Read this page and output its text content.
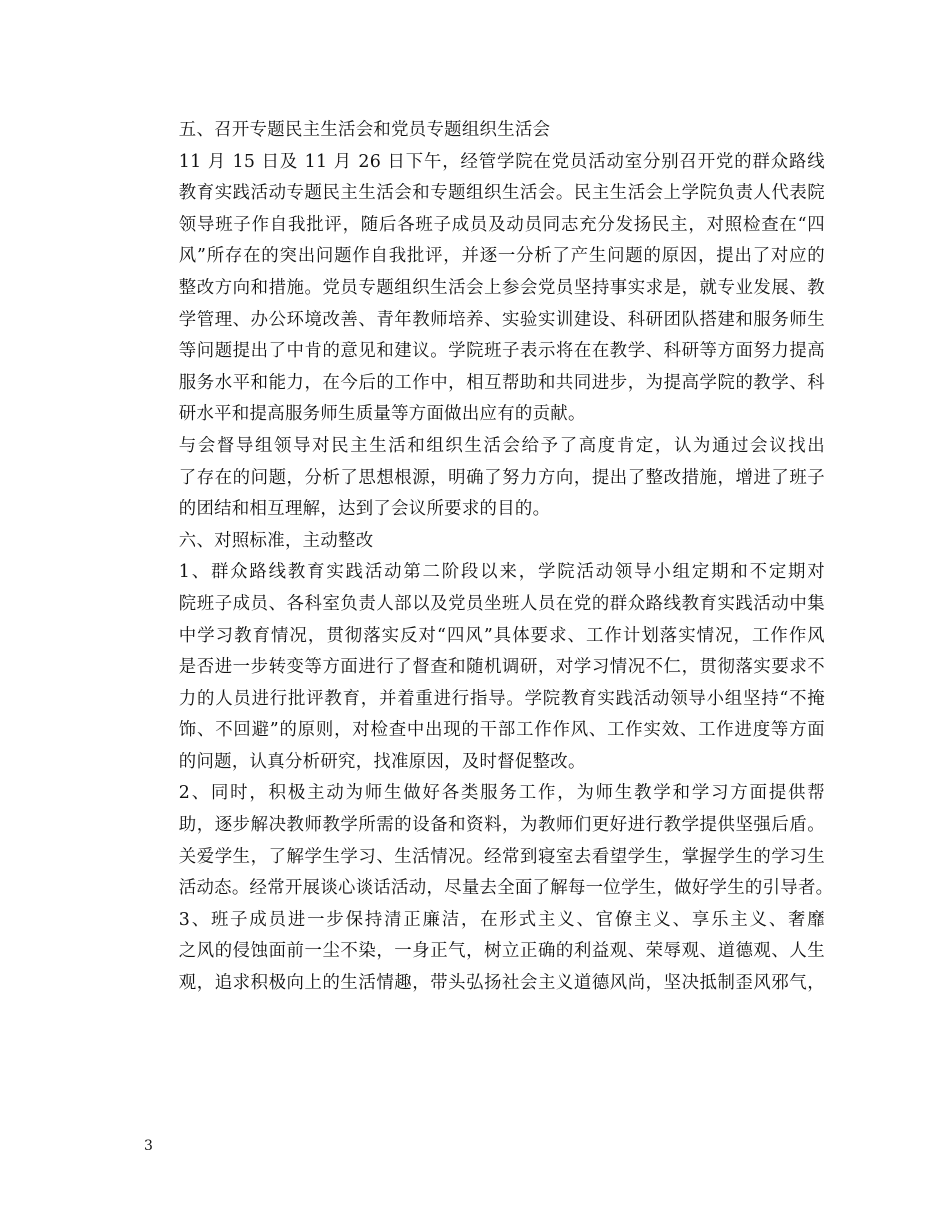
五、召开专题民主生活会和党员专题组织生活会
11 月 15 日及 11 月 26 日下午，经管学院在党员活动室分别召开党的群众路线
教育实践活动专题民主生活会和专题组织生活会。民主生活会上学院负责人代表院
领导班子作自我批评，随后各班子成员及动员同志充分发扬民主，对照检查在“四
风”所存在的突出问题作自我批评，并逐一分析了产生问题的原因，提出了对应的
整改方向和措施。党员专题组织生活会上参会党员坚持事实求是，就专业发展、教
学管理、办公环境改善、青年教师培养、实验实训建设、科研团队搭建和服务师生
等问题提出了中肯的意见和建议。学院班子表示将在在教学、科研等方面努力提高
服务水平和能力，在今后的工作中，相互帮助和共同进步，为提高学院的教学、科
研水平和提高服务师生质量等方面做出应有的贡献。
与会督导组领导对民主生活和组织生活会给予了高度肯定，认为通过会议找出
了存在的问题，分析了思想根源，明确了努力方向，提出了整改措施，增进了班子
的团结和相互理解，达到了会议所要求的目的。
六、对照标准，主动整改
1、群众路线教育实践活动第二阶段以来，学院活动领导小组定期和不定期对
院班子成员、各科室负责人部以及党员坐班人员在党的群众路线教育实践活动中集
中学习教育情况，贯彻落实反对“四风”具体要求、工作计划落实情况，工作作风
是否进一步转变等方面进行了督查和随机调研，对学习情况不仁，贯彻落实要求不
力的人员进行批评教育，并着重进行指导。学院教育实践活动领导小组坚持“不掩
饰、不回避”的原则，对检查中出现的干部工作作风、工作实效、工作进度等方面
的问题，认真分析研究，找准原因，及时督促整改。
2、同时，积极主动为师生做好各类服务工作，为师生教学和学习方面提供帮
助，逐步解决教师教学所需的设备和资料，为教师们更好进行教学提供坚强后盾。
关爱学生，了解学生学习、生活情况。经常到寝室去看望学生，掌握学生的学习生
活动态。经常开展谈心谈话活动，尽量去全面了解每一位学生，做好学生的引导者。
3、班子成员进一步保持清正廉洁，在形式主义、官僚主义、享乐主义、奢靡
之风的侵蚀面前一尘不染，一身正气，树立正确的利益观、荣辱观、道德观、人生
观，追求积极向上的生活情趣，带头弘扬社会主义道德风尚，坚决抵制歪风邪气，
3
